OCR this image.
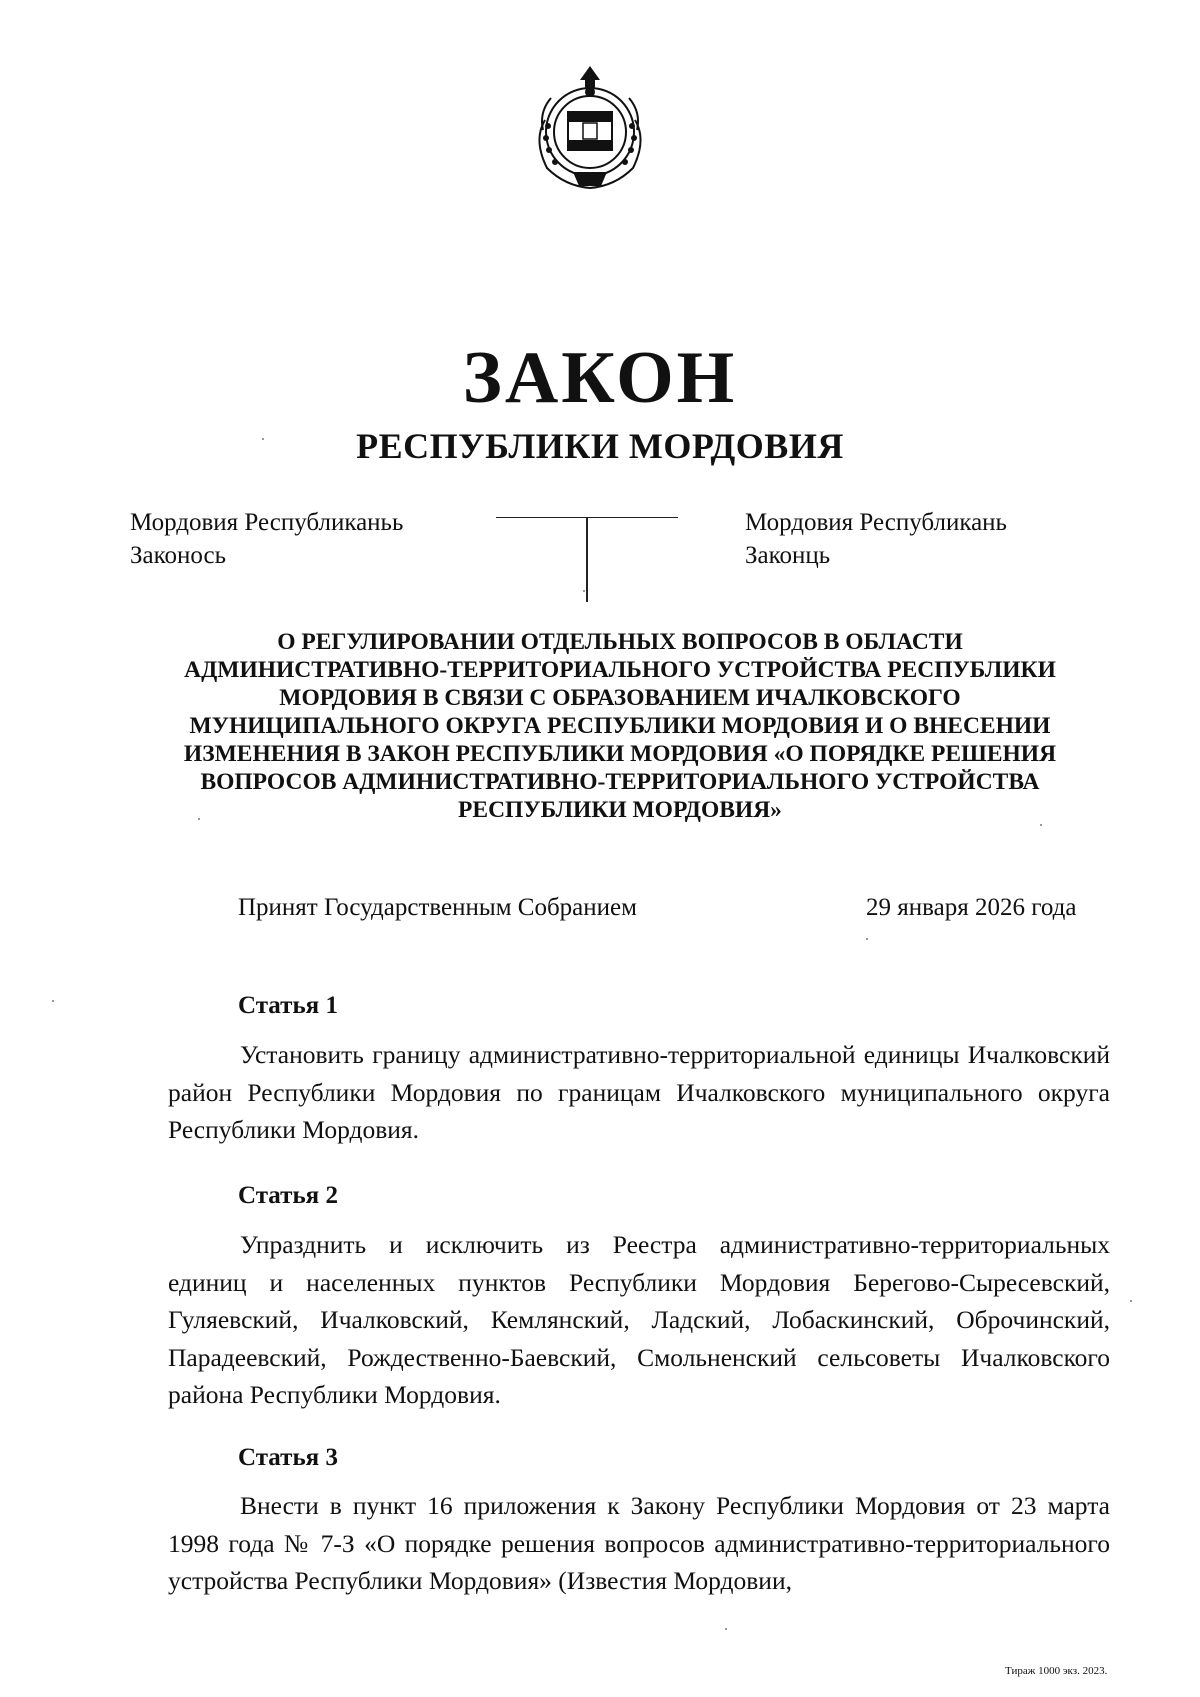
ЗАКОН
РЕСПУБЛИКИ МОРДОВИЯ
Мордовия Республиканьь
Законось
Мордовия Республикань
Законць
О РЕГУЛИРОВАНИИ ОТДЕЛЬНЫХ ВОПРОСОВ В ОБЛАСТИ
АДМИНИСТРАТИВНО-ТЕРРИТОРИАЛЬНОГО УСТРОЙСТВА РЕСПУБЛИКИ
МОРДОВИЯ В СВЯЗИ С ОБРАЗОВАНИЕМ ИЧАЛКОВСКОГО
МУНИЦИПАЛЬНОГО ОКРУГА РЕСПУБЛИКИ МОРДОВИЯ И О ВНЕСЕНИИ
ИЗМЕНЕНИЯ В ЗАКОН РЕСПУБЛИКИ МОРДОВИЯ «О ПОРЯДКЕ РЕШЕНИЯ
ВОПРОСОВ АДМИНИСТРАТИВНО-ТЕРРИТОРИАЛЬНОГО УСТРОЙСТВА
РЕСПУБЛИКИ МОРДОВИЯ»
Принят Государственным Собранием	29 января 2026 года
Статья 1
Установить границу административно-территориальной единицы Ичалковский район Республики Мордовия по границам Ичалковского муниципального округа Республики Мордовия.
Статья 2
Упразднить и исключить из Реестра административно-территориальных единиц и населенных пунктов Республики Мордовия Берегово-Сыресевский, Гуляевский, Ичалковский, Кемлянский, Ладский, Лобаскинский, Оброчинский, Парадеевский, Рождественно-Баевский, Смольненский сельсоветы Ичалковского района Республики Мордовия.
Статья 3
Внести в пункт 16 приложения к Закону Республики Мордовия от 23 марта 1998 года № 7-З «О порядке решения вопросов административно-территориального устройства Республики Мордовия» (Известия Мордовии,
Тираж 1000 экз. 2023.
